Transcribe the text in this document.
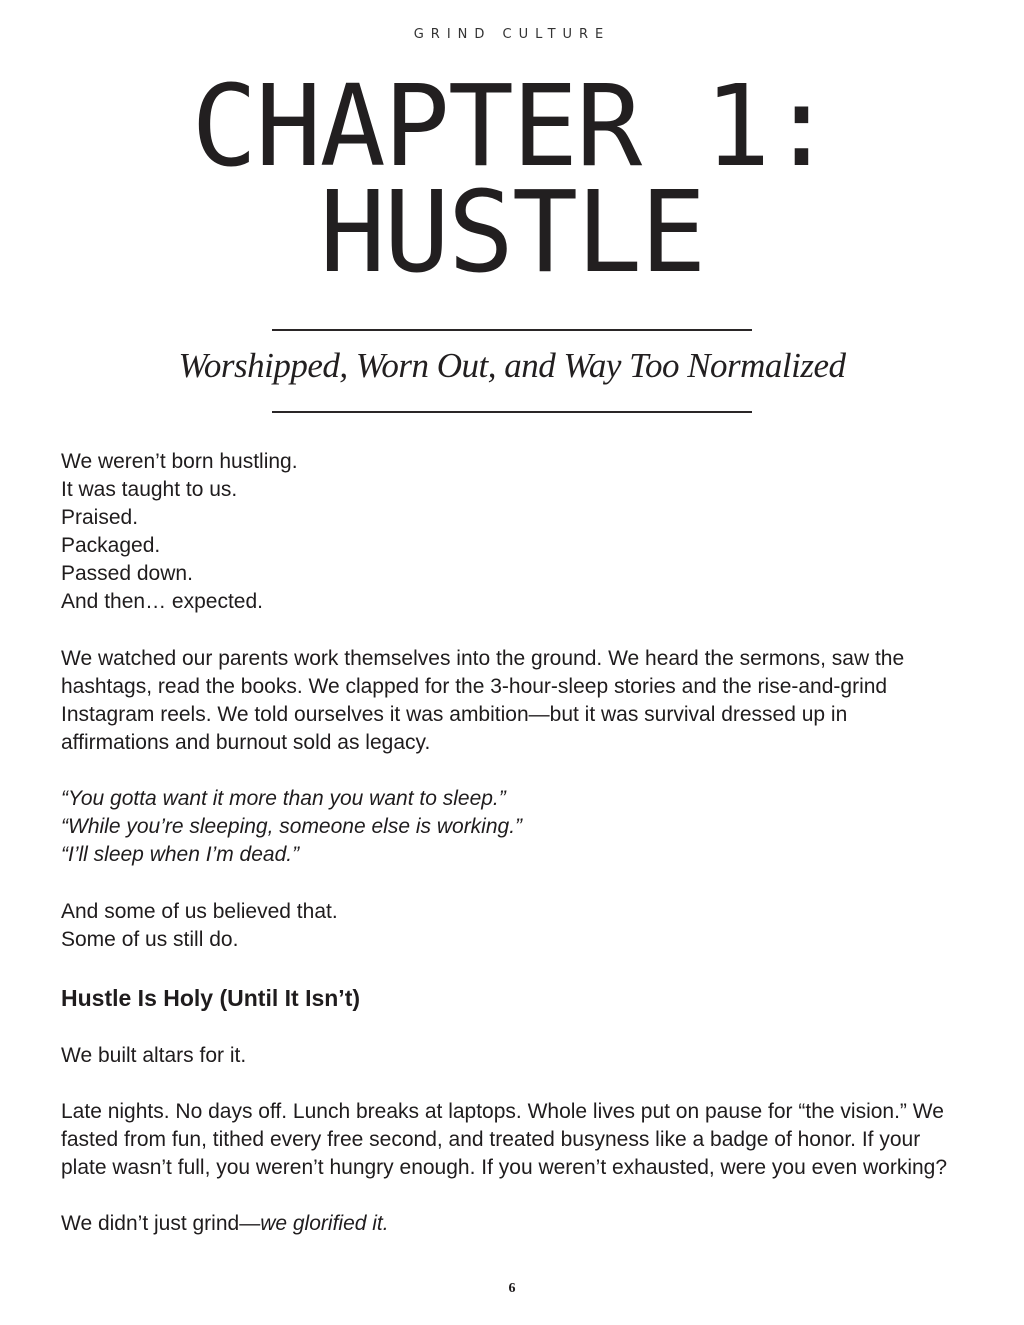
GRIND CULTURE
CHAPTER 1:
HUSTLE
Worshipped, Worn Out, and Way Too Normalized

We weren’t born hustling.
It was taught to us.
Praised.
Packaged.
Passed down.
And then… expected.

We watched our parents work themselves into the ground. We heard the sermons, saw the hashtags, read the books. We clapped for the 3-hour-sleep stories and the rise-and-grind Instagram reels. We told ourselves it was ambition—but it was survival dressed up in affirmations and burnout sold as legacy.

“You gotta want it more than you want to sleep.”
“While you’re sleeping, someone else is working.”
“I’ll sleep when I’m dead.”

And some of us believed that.
Some of us still do.

Hustle Is Holy (Until It Isn’t)

We built altars for it.

Late nights. No days off. Lunch breaks at laptops. Whole lives put on pause for “the vision.” We fasted from fun, tithed every free second, and treated busyness like a badge of honor. If your plate wasn’t full, you weren’t hungry enough. If you weren’t exhausted, were you even working?

We didn’t just grind—we glorified it.

6
